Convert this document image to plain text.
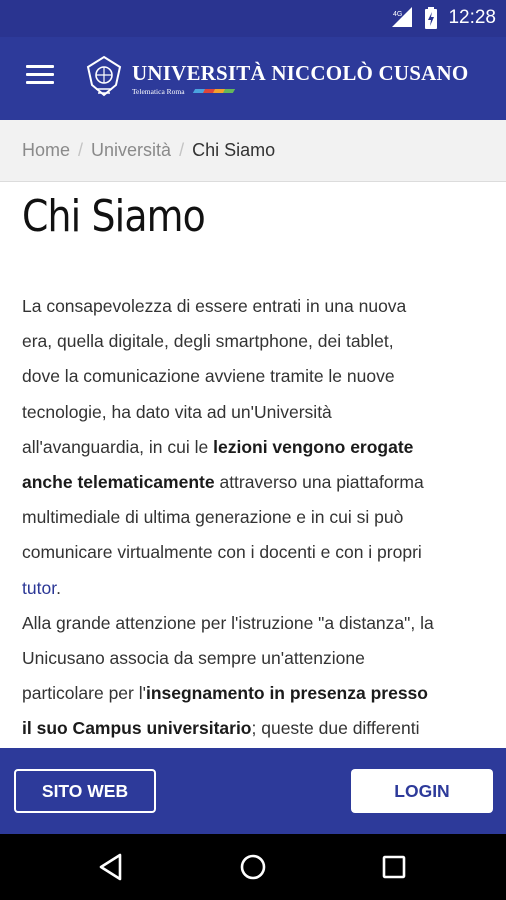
4G 12:28
UNIVERSITÀ NICCOLÒ CUSANO
Telematica Roma
Home / Università / Chi Siamo
Chi Siamo

La consapevolezza di essere entrati in una nuova

era, quella digitale, degli smartphone, dei tablet,

dove la comunicazione avviene tramite le nuove

tecnologie, ha dato vita ad un'Università

all'avanguardia, in cui le lezioni vengono erogate

anche telematicamente attraverso una piattaforma

multimediale di ultima generazione e in cui si può

comunicare virtualmente con i docenti e con i propri

tutor.

Alla grande attenzione per l'istruzione "a distanza", la

Unicusano associa da sempre un'attenzione

particolare per l'insegnamento in presenza presso

il suo Campus universitario; queste due differenti

SITO WEB	LOGIN
